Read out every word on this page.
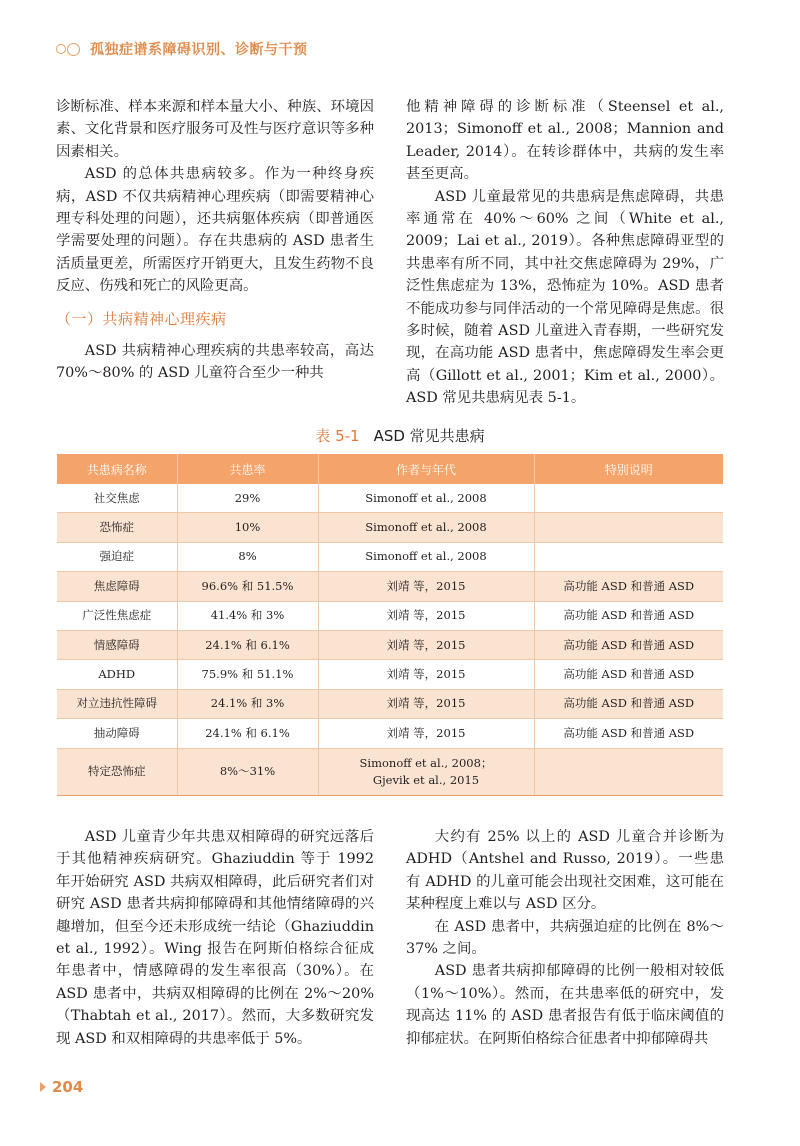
孤独症谱系障碍识别、诊断与干预

诊断标准、样本来源和样本量大小、种族、环境因素、文化背景和医疗服务可及性与医疗意识等多种因素相关。

ASD 的总体共患病较多。作为一种终身疾病，ASD 不仅共病精神心理疾病（即需要精神心理专科处理的问题），还共病躯体疾病（即普通医学需要处理的问题）。存在共患病的 ASD 患者生活质量更差，所需医疗开销更大，且发生药物不良反应、伤残和死亡的风险更高。

（一）共病精神心理疾病

ASD 共病精神心理疾病的共患率较高，高达 70%～80% 的 ASD 儿童符合至少一种共

他精神障碍的诊断标准（Steensel et al., 2013；Simonoff et al., 2008；Mannion and Leader, 2014）。在转诊群体中，共病的发生率甚至更高。

ASD 儿童最常见的共患病是焦虑障碍，共患率通常在 40%～60% 之间（White et al., 2009；Lai et al., 2019）。各种焦虑障碍亚型的共患率有所不同，其中社交焦虑障碍为 29%，广泛性焦虑症为 13%，恐怖症为 10%。ASD 患者不能成功参与同伴活动的一个常见障碍是焦虑。很多时候，随着 ASD 儿童进入青春期，一些研究发现，在高功能 ASD 患者中，焦虑障碍发生率会更高（Gillott et al., 2001；Kim et al., 2000）。ASD 常见共患病见表 5-1。

表 5-1 ASD 常见共患病
共患病名称	共患率	作者与年代	特别说明
社交焦虑	29%	Simonoff et al., 2008	
恐怖症	10%	Simonoff et al., 2008	
强迫症	8%	Simonoff et al., 2008	
焦虑障碍	96.6% 和 51.5%	刘靖 等，2015	高功能 ASD 和普通 ASD
广泛性焦虑症	41.4% 和 3%	刘靖 等，2015	高功能 ASD 和普通 ASD
情感障碍	24.1% 和 6.1%	刘靖 等，2015	高功能 ASD 和普通 ASD
ADHD	75.9% 和 51.1%	刘靖 等，2015	高功能 ASD 和普通 ASD
对立违抗性障碍	24.1% 和 3%	刘靖 等，2015	高功能 ASD 和普通 ASD
抽动障碍	24.1% 和 6.1%	刘靖 等，2015	高功能 ASD 和普通 ASD
特定恐怖症	8%～31%	Simonoff et al., 2008；
Gjevik et al., 2015	

ASD 儿童青少年共患双相障碍的研究远落后于其他精神疾病研究。Ghaziuddin 等于 1992 年开始研究 ASD 共病双相障碍，此后研究者们对研究 ASD 患者共病抑郁障碍和其他情绪障碍的兴趣增加，但至今还未形成统一结论（Ghaziuddin et al., 1992）。Wing 报告在阿斯伯格综合征成年患者中，情感障碍的发生率很高（30%）。在 ASD 患者中，共病双相障碍的比例在 2%～20%（Thabtah et al., 2017）。然而，大多数研究发现 ASD 和双相障碍的共患率低于 5%。

大约有 25% 以上的 ASD 儿童合并诊断为 ADHD（Antshel and Russo, 2019）。一些患有 ADHD 的儿童可能会出现社交困难，这可能在某种程度上难以与 ASD 区分。

在 ASD 患者中，共病强迫症的比例在 8%～37% 之间。

ASD 患者共病抑郁障碍的比例一般相对较低（1%～10%）。然而，在共患率低的研究中，发现高达 11% 的 ASD 患者报告有低于临床阈值的抑郁症状。在阿斯伯格综合征患者中抑郁障碍共

204
